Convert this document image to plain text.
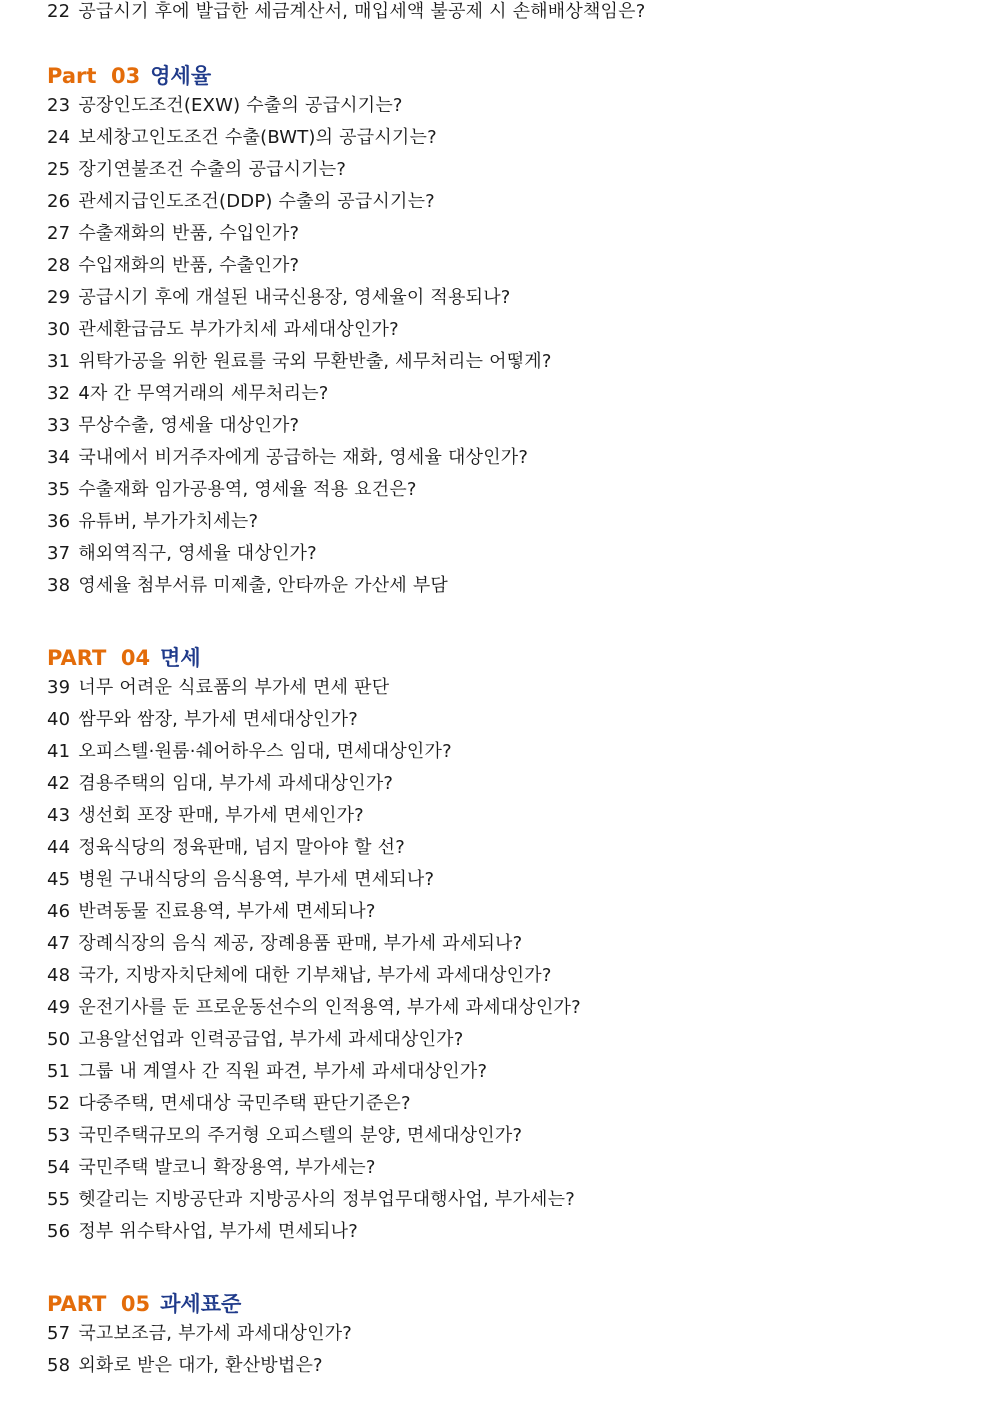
22 공급시기 후에 발급한 세금계산서, 매입세액 불공제 시 손해배상책임은?
Part  03 영세율
23 공장인도조건(EXW) 수출의 공급시기는?
24 보세창고인도조건 수출(BWT)의 공급시기는?
25 장기연불조건 수출의 공급시기는?
26 관세지급인도조건(DDP) 수출의 공급시기는?
27 수출재화의 반품, 수입인가?
28 수입재화의 반품, 수출인가?
29 공급시기 후에 개설된 내국신용장, 영세율이 적용되나?
30 관세환급금도 부가가치세 과세대상인가?
31 위탁가공을 위한 원료를 국외 무환반출, 세무처리는 어떻게?
32 4자 간 무역거래의 세무처리는?
33 무상수출, 영세율 대상인가?
34 국내에서 비거주자에게 공급하는 재화, 영세율 대상인가?
35 수출재화 임가공용역, 영세율 적용 요건은?
36 유튜버, 부가가치세는?
37 해외역직구, 영세율 대상인가?
38 영세율 첨부서류 미제출, 안타까운 가산세 부담
PART  04 면세
39 너무 어려운 식료품의 부가세 면세 판단
40 쌈무와 쌈장, 부가세 면세대상인가?
41 오피스텔·원룸·쉐어하우스 임대, 면세대상인가?
42 겸용주택의 임대, 부가세 과세대상인가?
43 생선회 포장 판매, 부가세 면세인가?
44 정육식당의 정육판매, 넘지 말아야 할 선?
45 병원 구내식당의 음식용역, 부가세 면세되나?
46 반려동물 진료용역, 부가세 면세되나?
47 장례식장의 음식 제공, 장례용품 판매, 부가세 과세되나?
48 국가, 지방자치단체에 대한 기부채납, 부가세 과세대상인가?
49 운전기사를 둔 프로운동선수의 인적용역, 부가세 과세대상인가?
50 고용알선업과 인력공급업, 부가세 과세대상인가?
51 그룹 내 계열사 간 직원 파견, 부가세 과세대상인가?
52 다중주택, 면세대상 국민주택 판단기준은?
53 국민주택규모의 주거형 오피스텔의 분양, 면세대상인가?
54 국민주택 발코니 확장용역, 부가세는?
55 헷갈리는 지방공단과 지방공사의 정부업무대행사업, 부가세는?
56 정부 위수탁사업, 부가세 면세되나?
PART  05 과세표준
57 국고보조금, 부가세 과세대상인가?
58 외화로 받은 대가, 환산방법은?
